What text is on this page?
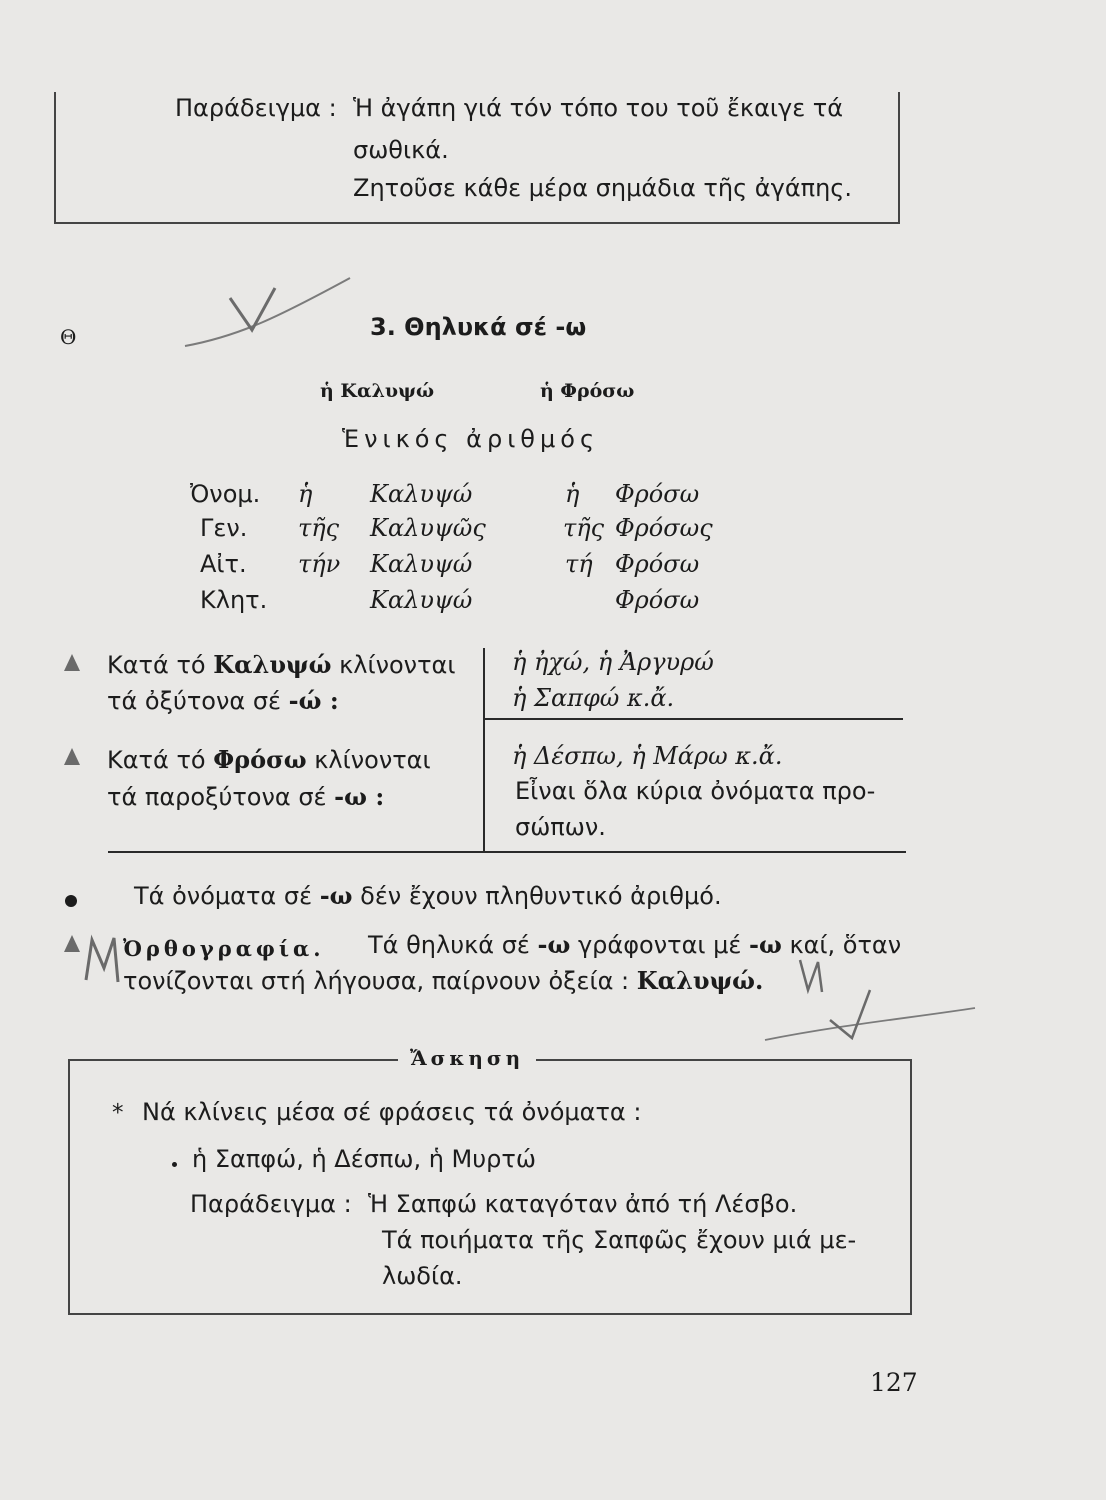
Παράδειγμα : Ἡ ἀγάπη γιά τόν τόπο του τοῦ ἔκαιγε τά
σωθικά.
Ζητοῦσε κάθε μέρα σημάδια τῆς ἀγάπης.
Θ	3. Θηλυκά σέ -ω
ἡ Καλυψώ	ἡ Φρόσω
Ἑνικός ἀριθμός
Ὀνομ. ἡ Καλυψώ	ἡ Φρόσω
Γεν. τῆς Καλυψῶς	τῆς Φρόσως
Αἰτ. τήν Καλυψώ	τή Φρόσω
Κλητ.	Καλυψώ	Φρόσω
Κατά τό Καλυψώ κλίνονται
τά ὀξύτονα σέ -ώ :
ἡ ἠχώ, ἡ Ἀργυρώ
ἡ Σαπφώ κ.ἄ.
Κατά τό Φρόσω κλίνονται
τά παροξύτονα σέ -ω :
ἡ Δέσπω, ἡ Μάρω κ.ἄ.
Εἶναι ὅλα κύρια ὀνόματα προ-
σώπων.
Τά ὀνόματα σέ -ω δέν ἔχουν πληθυντικό ἀριθμό.
Ὀρθογραφία. Τά θηλυκά σέ -ω γράφονται μέ -ω καί, ὅταν
τονίζονται στή λήγουσα, παίρνουν ὀξεία : Καλυψώ.
Ἄσκηση
* Νά κλίνεις μέσα σέ φράσεις τά ὀνόματα :
ἡ Σαπφώ, ἡ Δέσπω, ἡ Μυρτώ
Παράδειγμα : Ἡ Σαπφώ καταγόταν ἀπό τή Λέσβο.
Τά ποιήματα τῆς Σαπφῶς ἔχουν μιά με-
λωδία.
127
